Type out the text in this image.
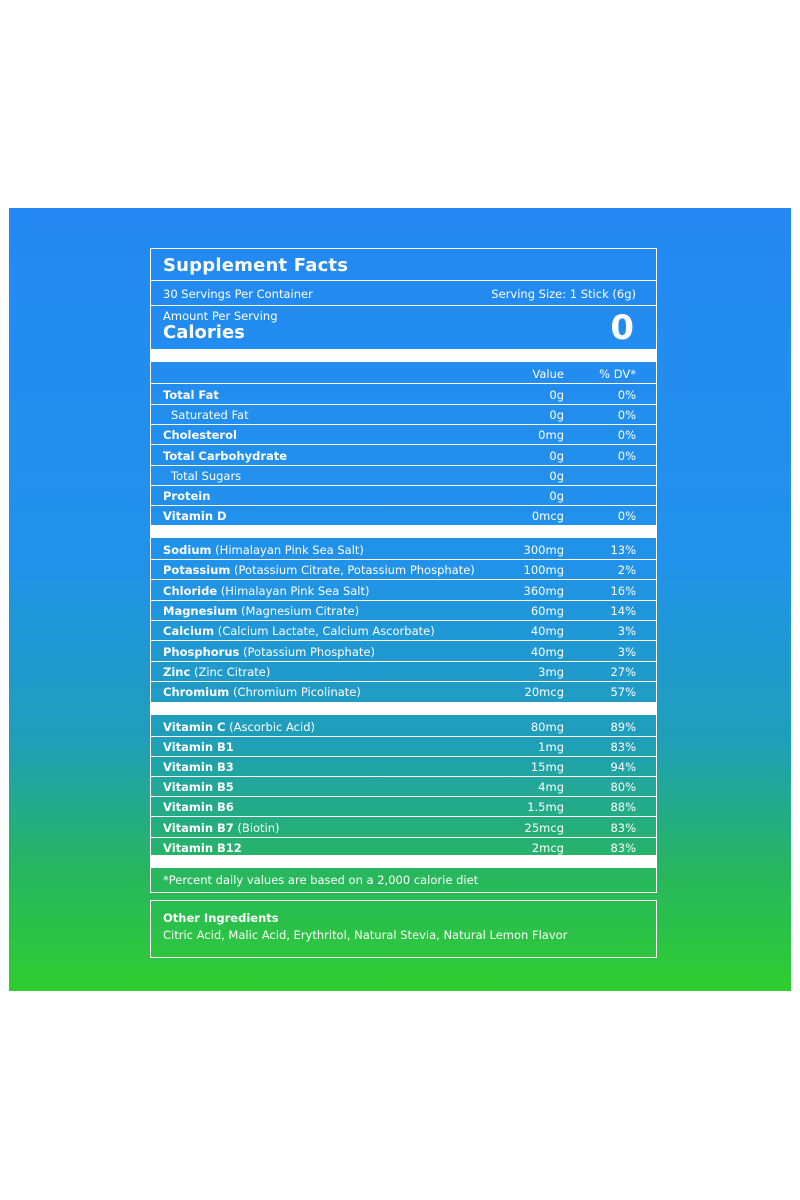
Supplement Facts
30 Servings Per Container	Serving Size: 1 Stick (6g)
Amount Per Serving
Calories	0
Value	% DV*
Total Fat	0g	0%
Saturated Fat	0g	0%
Cholesterol	0mg	0%
Total Carbohydrate	0g	0%
Total Sugars	0g
Protein	0g
Vitamin D	0mcg	0%
Sodium (Himalayan Pink Sea Salt)	300mg	13%
Potassium (Potassium Citrate, Potassium Phosphate)	100mg	2%
Chloride (Himalayan Pink Sea Salt)	360mg	16%
Magnesium (Magnesium Citrate)	60mg	14%
Calcium (Calcium Lactate, Calcium Ascorbate)	40mg	3%
Phosphorus (Potassium Phosphate)	40mg	3%
Zinc (Zinc Citrate)	3mg	27%
Chromium (Chromium Picolinate)	20mcg	57%
Vitamin C (Ascorbic Acid)	80mg	89%
Vitamin B1	1mg	83%
Vitamin B3	15mg	94%
Vitamin B5	4mg	80%
Vitamin B6	1.5mg	88%
Vitamin B7 (Biotin)	25mcg	83%
Vitamin B12	2mcg	83%
*Percent daily values are based on a 2,000 calorie diet
Other Ingredients
Citric Acid, Malic Acid, Erythritol, Natural Stevia, Natural Lemon Flavor
